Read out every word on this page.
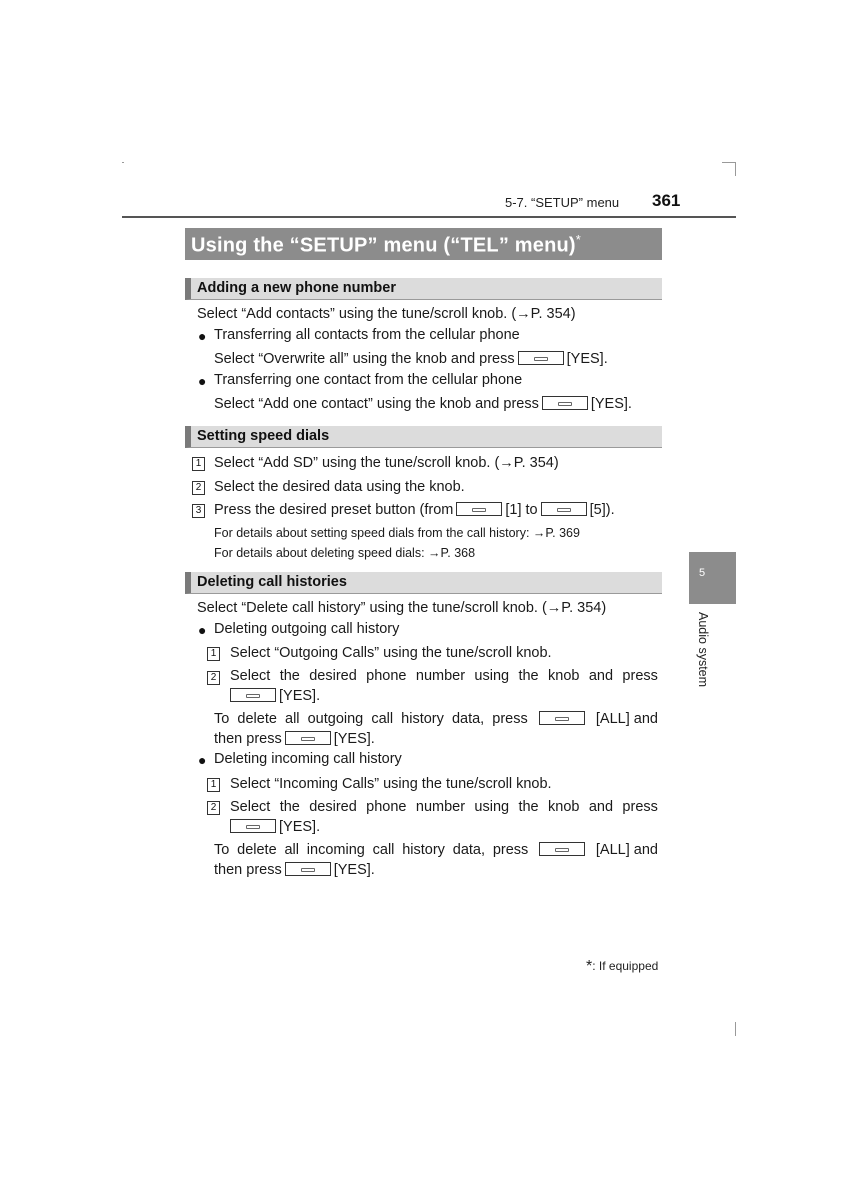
5-7. “SETUP” menu 361
Using the “SETUP” menu (“TEL” menu)*
Adding a new phone number
Select “Add contacts” using the tune/scroll knob. (→P. 354)
● Transferring all contacts from the cellular phone
Select “Overwrite all” using the knob and press	[YES].
● Transferring one contact from the cellular phone
Select “Add one contact” using the knob and press	[YES].
Setting speed dials
1 Select “Add SD” using the tune/scroll knob. (→P. 354)
2 Select the desired data using the knob.
3 Press the desired preset button (from	[1] to	[5]).
For details about setting speed dials from the call history: →P. 369
For details about deleting speed dials: →P. 368
Deleting call histories
Select “Delete call history” using the tune/scroll knob. (→P. 354)
● Deleting outgoing call history
1 Select “Outgoing Calls” using the tune/scroll knob.
2 Select the desired phone number using the knob and press
[YES].
To delete all outgoing call history data, press	[ALL] and
then press	[YES].
● Deleting incoming call history
1 Select “Incoming Calls” using the tune/scroll knob.
2 Select the desired phone number using the knob and press
[YES].
To delete all incoming call history data, press	[ALL] and
then press	[YES].
5
Audio system
*: If equipped
